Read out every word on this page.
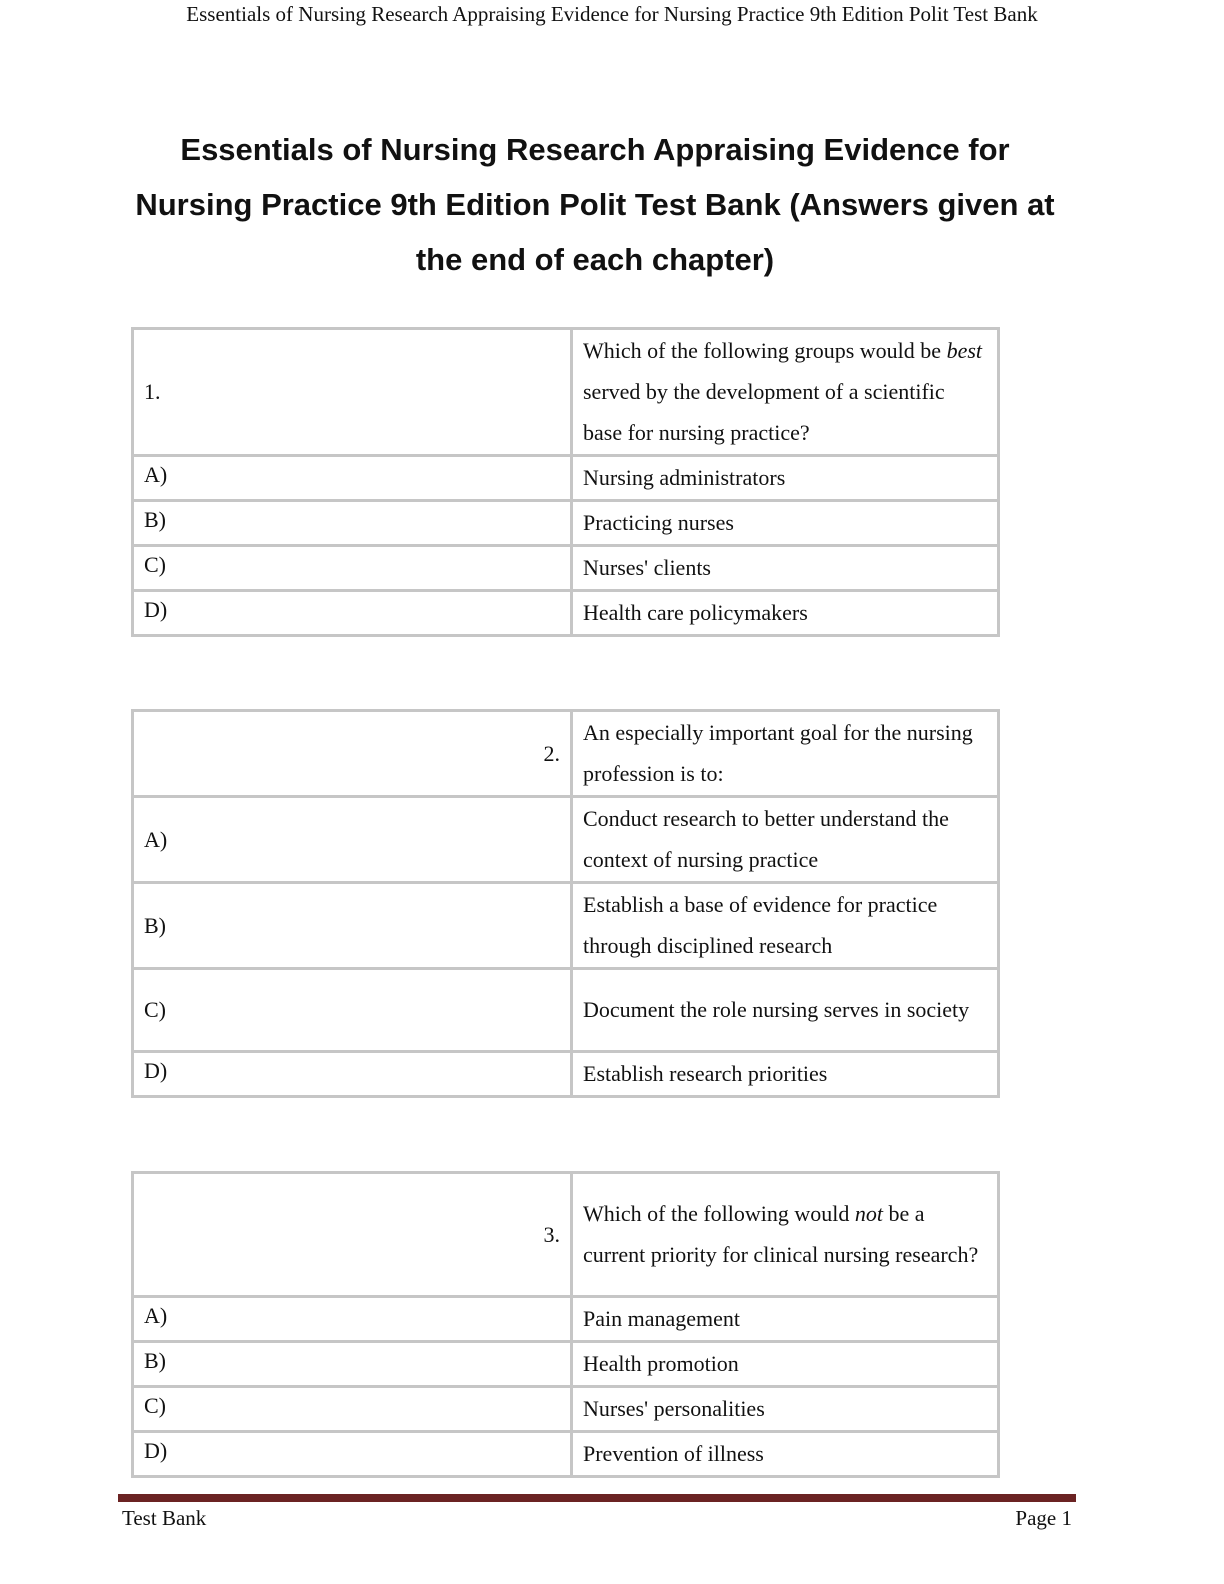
Essentials of Nursing Research Appraising Evidence for Nursing Practice 9th Edition Polit Test Bank
Essentials of Nursing Research Appraising Evidence for
Nursing Practice 9th Edition Polit Test Bank (Answers given at
the end of each chapter)
1.	Which of the following groups would be best served by the development of a scientific base for nursing practice?
A)	Nursing administrators
B)	Practicing nurses
C)	Nurses' clients
D)	Health care policymakers
2.	An especially important goal for the nursing profession is to:
A)	Conduct research to better understand the context of nursing practice
B)	Establish a base of evidence for practice through disciplined research
C)	Document the role nursing serves in society
D)	Establish research priorities
3.	Which of the following would not be a current priority for clinical nursing research?
A)	Pain management
B)	Health promotion
C)	Nurses' personalities
D)	Prevention of illness
Test Bank	Page 1
